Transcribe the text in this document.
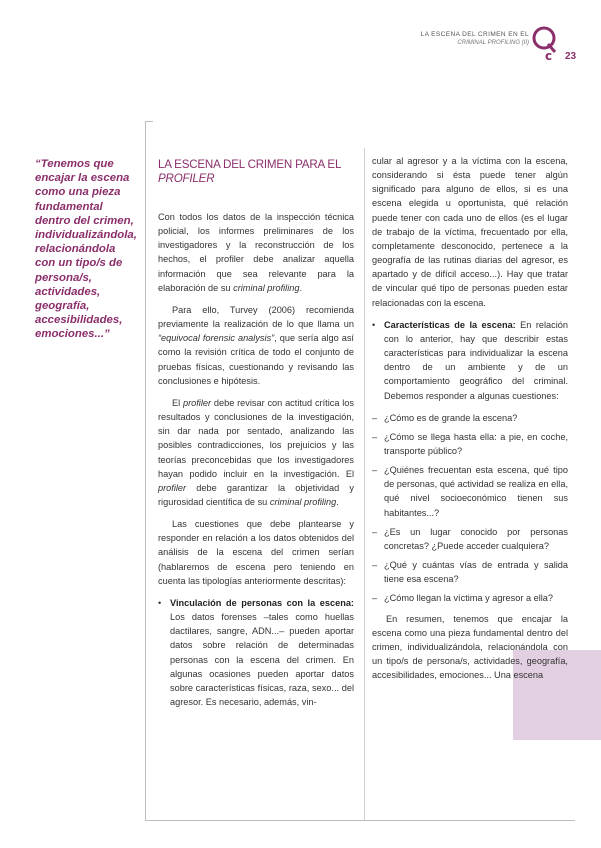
LA ESCENA DEL CRIMEN EN EL
CRIMINAL PROFILING (II)
c 23
“Tenemos que encajar la escena como una pieza fundamental dentro del crimen, individualizándola, relacionándola con un tipo/s de persona/s, actividades, geografía, accesibilidades, emociones...”
LA ESCENA DEL CRIMEN PARA EL PROFILER

Con todos los datos de la inspección técnica policial, los informes preliminares de los investigadores y la reconstrucción de los hechos, el profiler debe analizar aquella información que sea relevante para la elaboración de su criminal profiling.

Para ello, Turvey (2006) recomienda previamente la realización de lo que llama un “equivocal forensic analysis”, que sería algo así como la revisión crítica de todo el conjunto de pruebas físicas, cuestionando y revisando las conclusiones e hipótesis.

El profiler debe revisar con actitud crítica los resultados y conclusiones de la investigación, sin dar nada por sentado, analizando las posibles contradicciones, los prejuicios y las teorías preconcebidas que los investigadores hayan podido incluir en la investigación. El profiler debe garantizar la objetividad y rigurosidad científica de su criminal profiling.

Las cuestiones que debe plantearse y responder en relación a los datos obtenidos del análisis de la escena del crimen serían (hablaremos de escena pero teniendo en cuenta las tipologías anteriormente descritas):

• Vinculación de personas con la escena: Los datos forenses –tales como huellas dactilares, sangre, ADN...– pueden aportar datos sobre relación de determinadas personas con la escena del crimen. En algunas ocasiones pueden aportar datos sobre características físicas, raza, sexo... del agresor. Es necesario, además, vin-

cular al agresor y a la víctima con la escena, considerando si ésta puede tener algún significado para alguno de ellos, si es una escena elegida u oportunista, qué relación puede tener con cada uno de ellos (es el lugar de trabajo de la víctima, frecuentado por ella, completamente desconocido, pertenece a la geografía de las rutinas diarias del agresor, es apartado y de difícil acceso...). Hay que tratar de vincular qué tipo de personas pueden estar relacionadas con la escena.

• Características de la escena: En relación con lo anterior, hay que describir estas características para individualizar la escena dentro de un ambiente y de un comportamiento geográfico del criminal. Debemos responder a algunas cuestiones:
– ¿Cómo es de grande la escena?
– ¿Cómo se llega hasta ella: a pie, en coche, transporte público?
– ¿Quiénes frecuentan esta escena, qué tipo de personas, qué actividad se realiza en ella, qué nivel socioeconómico tienen sus habitantes...?
– ¿Es un lugar conocido por personas concretas? ¿Puede acceder cualquiera?
– ¿Qué y cuántas vías de entrada y salida tiene esa escena?
– ¿Cómo llegan la víctima y agresor a ella?

En resumen, tenemos que encajar la escena como una pieza fundamental dentro del crimen, individualizándola, relacionándola con un tipo/s de persona/s, actividades, geografía, accesibilidades, emociones... Una escena
